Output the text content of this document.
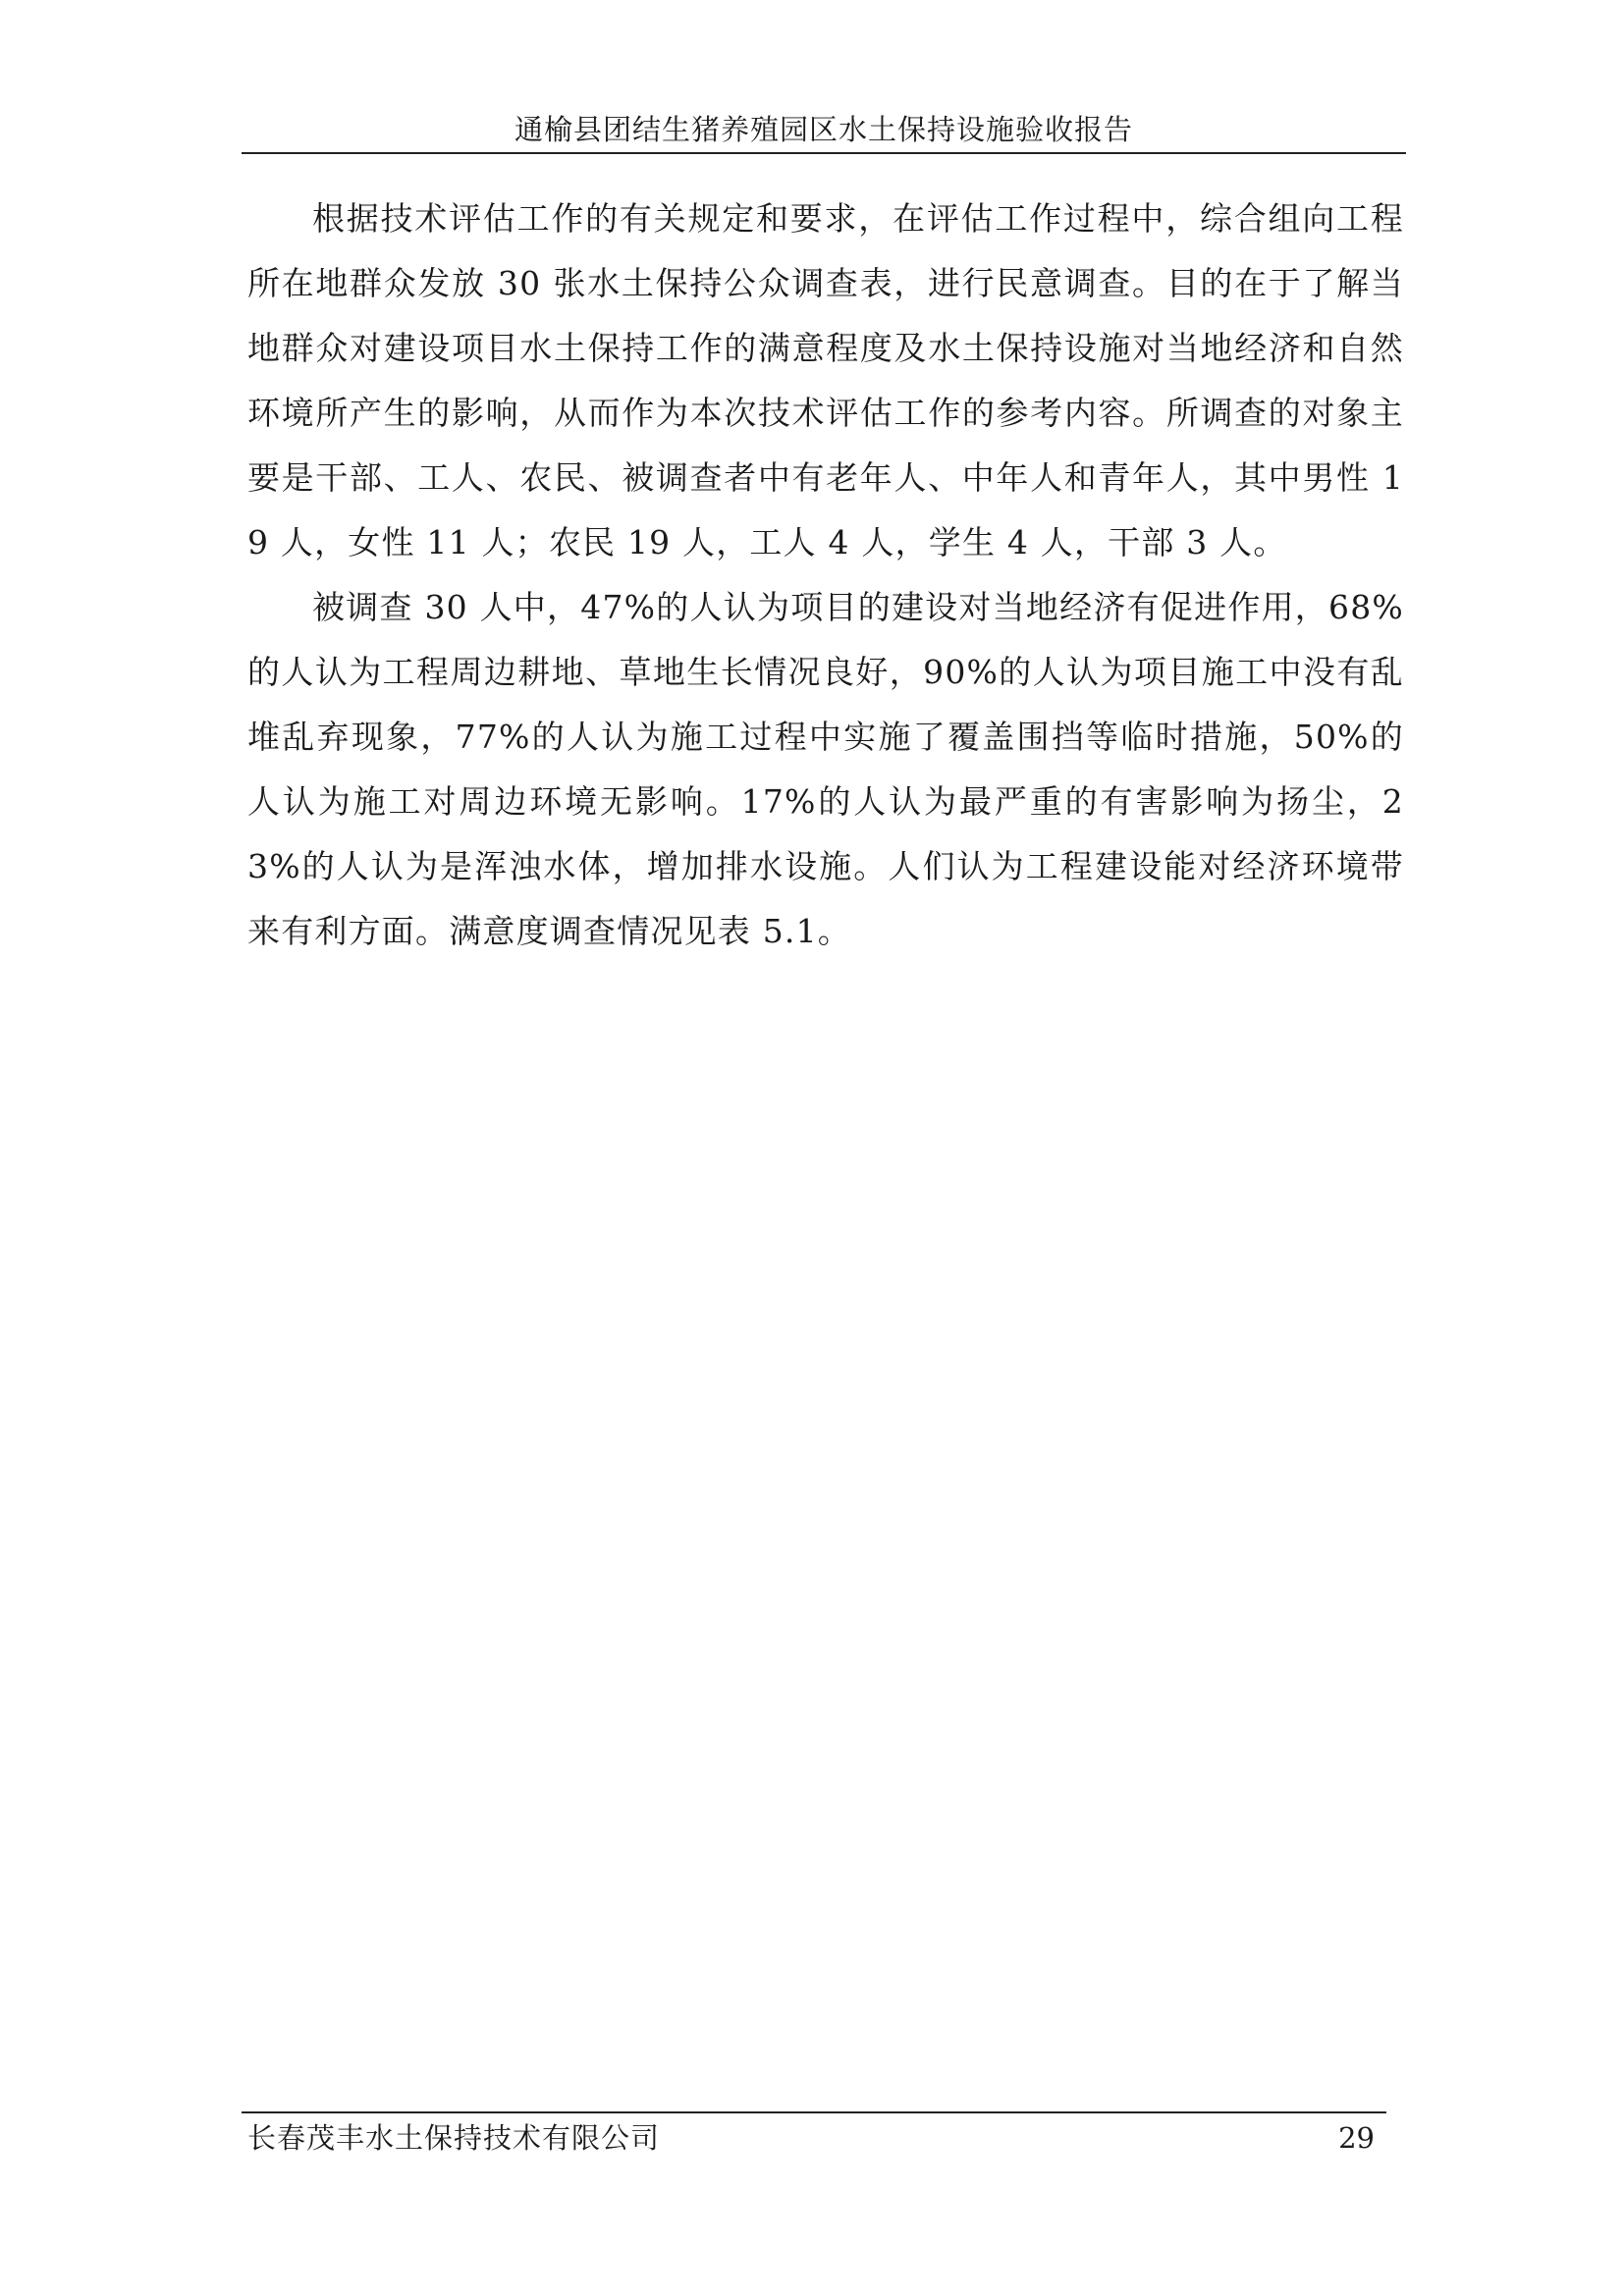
通榆县团结生猪养殖园区水土保持设施验收报告

根据技术评估工作的有关规定和要求，在评估工作过程中，综合组向工程所在地群众发放 30 张水土保持公众调查表，进行民意调查。目的在于了解当地群众对建设项目水土保持工作的满意程度及水土保持设施对当地经济和自然环境所产生的影响，从而作为本次技术评估工作的参考内容。所调查的对象主要是干部、工人、农民、被调查者中有老年人、中年人和青年人，其中男性 19 人，女性 11 人；农民 19 人，工人 4 人，学生 4 人，干部 3 人。

被调查 30 人中，47%的人认为项目的建设对当地经济有促进作用，68%的人认为工程周边耕地、草地生长情况良好，90%的人认为项目施工中没有乱堆乱弃现象，77%的人认为施工过程中实施了覆盖围挡等临时措施，50%的人认为施工对周边环境无影响。17%的人认为最严重的有害影响为扬尘，23%的人认为是浑浊水体，增加排水设施。人们认为工程建设能对经济环境带来有利方面。满意度调查情况见表 5.1。

长春茂丰水土保持技术有限公司	29
